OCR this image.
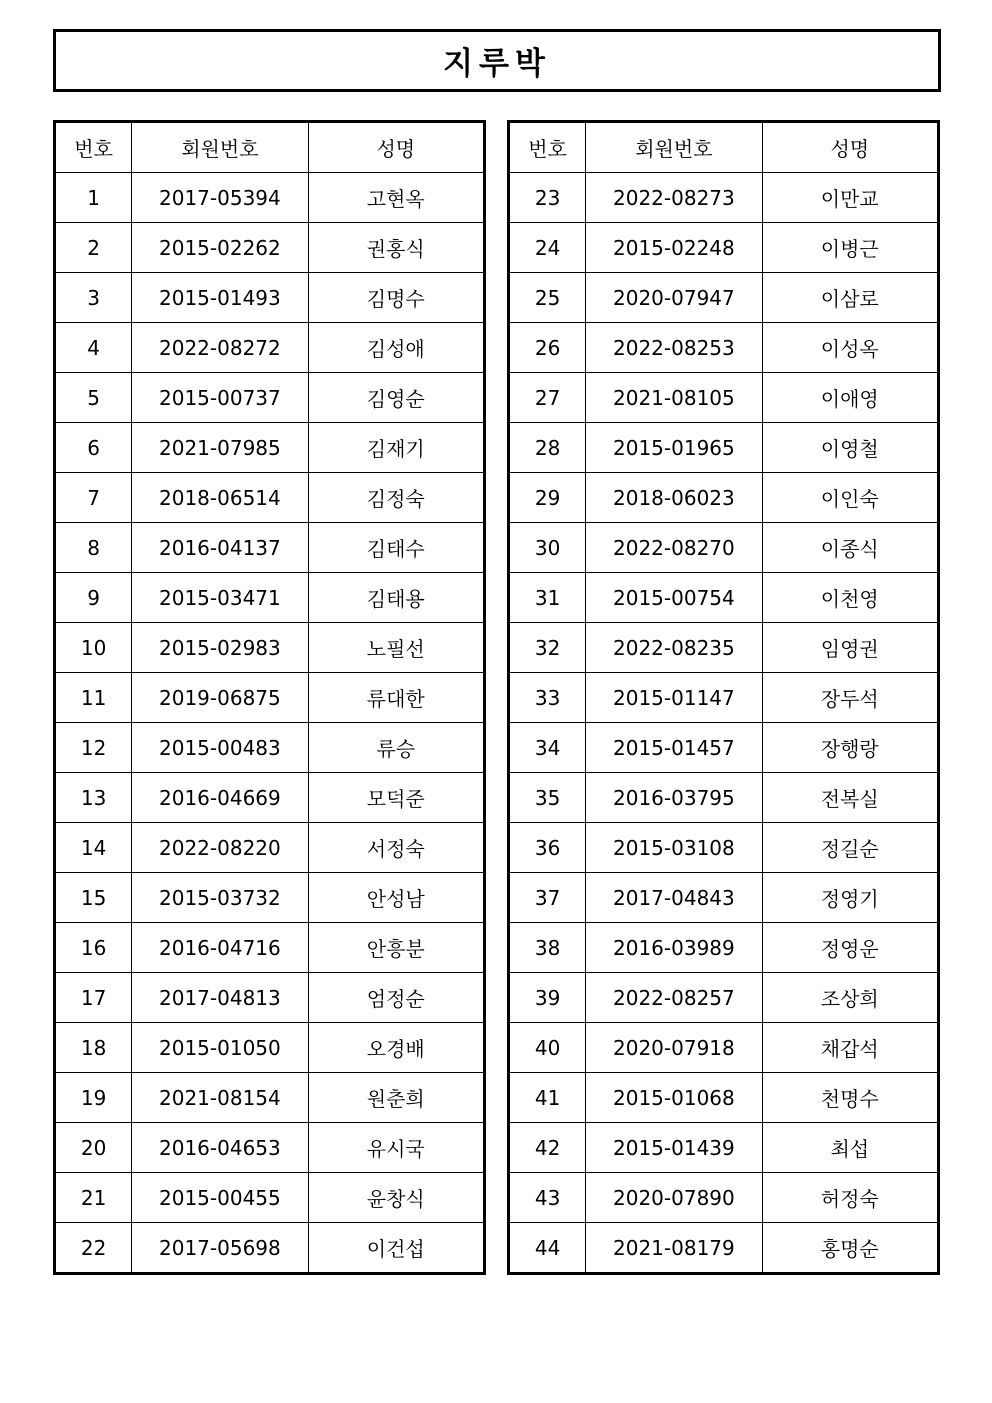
지루박
번호	회원번호	성명
1	2017-05394	고현옥
2	2015-02262	권홍식
3	2015-01493	김명수
4	2022-08272	김성애
5	2015-00737	김영순
6	2021-07985	김재기
7	2018-06514	김정숙
8	2016-04137	김태수
9	2015-03471	김태용
10	2015-02983	노필선
11	2019-06875	류대한
12	2015-00483	류승
13	2016-04669	모덕준
14	2022-08220	서정숙
15	2015-03732	안성남
16	2016-04716	안흥분
17	2017-04813	엄정순
18	2015-01050	오경배
19	2021-08154	원춘희
20	2016-04653	유시국
21	2015-00455	윤창식
22	2017-05698	이건섭
번호	회원번호	성명
23	2022-08273	이만교
24	2015-02248	이병근
25	2020-07947	이삼로
26	2022-08253	이성옥
27	2021-08105	이애영
28	2015-01965	이영철
29	2018-06023	이인숙
30	2022-08270	이종식
31	2015-00754	이천영
32	2022-08235	임영권
33	2015-01147	장두석
34	2015-01457	장행랑
35	2016-03795	전복실
36	2015-03108	정길순
37	2017-04843	정영기
38	2016-03989	정영운
39	2022-08257	조상희
40	2020-07918	채갑석
41	2015-01068	천명수
42	2015-01439	최섭
43	2020-07890	허정숙
44	2021-08179	홍명순
